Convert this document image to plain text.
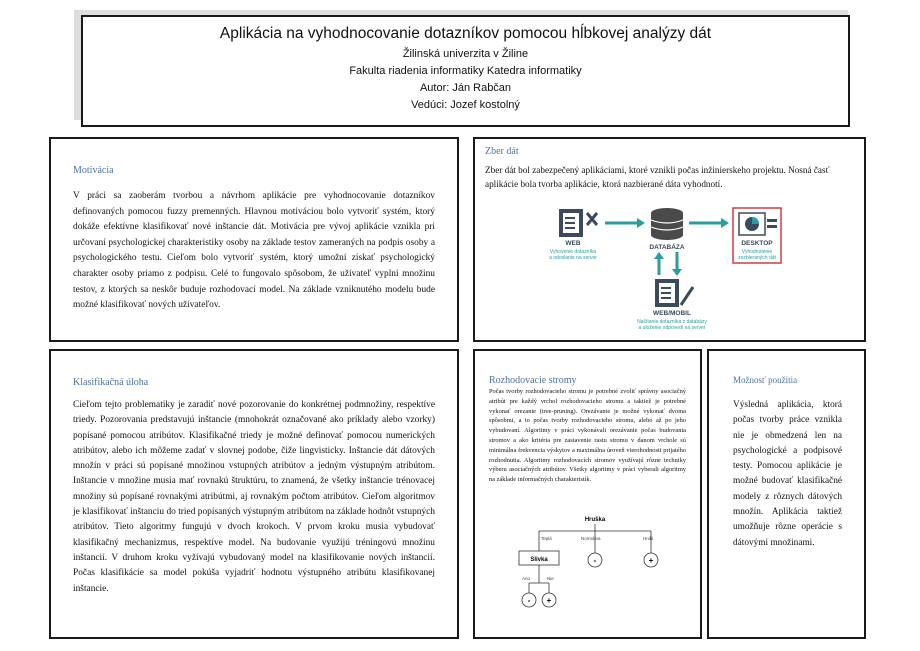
Aplikácia na vyhodnocovanie dotazníkov pomocou hĺbkovej analýzy dát
Žilinská univerzita v Žiline
Fakulta riadenia informatiky Katedra informatiky
Autor: Ján Rabčan
Vedúci: Jozef kostolný
Motivácia
V práci sa zaoberám tvorbou a návrhom aplikácie pre vyhodnocovanie dotazníkov definovaných pomocou fuzzy premenných. Hlavnou motiváciou bolo vytvoriť systém, ktorý dokáže efektívne klasifikovať nové inštancie dát. Motivácia pre vývoj aplikácie vznikla pri určovaní psychologickej charakteristiky osoby na základe testov zameraných na podpis osoby a psychologického testu. Cieľom bolo vytvoriť systém, ktorý umožní získať psychologický charakter osoby priamo z podpisu. Celé to fungovalo spôsobom, že užívateľ vyplní množinu testov, z ktorých sa neskôr buduje rozhodovací model. Na základe vzniknutého modelu bude možné klasifikovať nových užívateľov.
Zber dát
Zber dát bol zabezpečený aplikáciami, ktoré vznikli počas inžinierskeho projektu. Nosná časť aplikácie bola tvorba aplikácie, ktorá nazbierané dáta vyhodnotí.
WEB
Vyhovenie dotazníka
a odoslanie na server
DATABÁZA
DESKTOP
Vyhodnotenie
zozbieraných dát
WEB/MOBIL
Načítanie dotazníka z databázy
a uloženie odpovedí na server
Klasifikačná úloha
Cieľom tejto problematiky je zaradiť nové pozorovanie do konkrétnej podmnožiny, respektíve triedy. Pozorovania predstavujú inštancie (mnohokrát označované ako príklady alebo vzorky) popísané pomocou atribútov. Klasifikačné triedy je možné definovať pomocou numerických atribútov, alebo ich môžeme zadať v slovnej podobe, čiže lingvisticky. Inštancie dát dátových množín v práci sú popísané množinou vstupných atribútov a jedným výstupným atribútom. Inštancie v množine musia mať rovnakú štruktúru, to znamená, že všetky inštancie trénovacej množiny sú popísané rovnakými atribútmi, aj rovnakým počtom atribútov. Cieľom algoritmov je klasifikovať inštanciu do tried popísaných výstupným atribútom na základe hodnôt vstupných atribútov. Tieto algoritmy fungujú v dvoch krokoch. V prvom kroku musia vybudovať klasifikačný mechanizmus, respektíve model. Na budovanie využijú tréningovú množinu inštancií. V druhom kroku vyžívajú vybudovaný model na klasifikovanie nových inštancií. Počas klasifikácie sa model pokúša vyjadriť hodnotu výstupného atribútu klasifikovanej inštancie.
Rozhodovacie stromy
Počas tvorby rozhodovacieho stromu je potrebné zvoliť správny asociačný atribút pre každý vrchol rozhodovacieho stromu a taktiež je potrebné vykonať orezanie (tree-pruning). Orezávanie je možné vykonať dvoma spôsobmi, a to počas tvorby rozhodovacieho stromu, alebo až po jeho vybudovaní. Algoritmy v práci vykonávali orezávanie počas budovania stromov a ako kritéria pre zastavenie rastu stromu v danom vrchole sú minimálna frekvencia výskytov a maximálna úroveň vierohodnosti prijatého rozhodnutia. Algoritmy rozhodovacích stromov využívajú rôzne techniky výberu asociačných atribútov. Všetky algoritmy v práci vyberali algoritmy na základe informačných charakteristík.
Hruška
Teplá	Normálna	Hnilá
Slivka	-	+
Ano	Nie
- +
Možnosť použitia
Výsledná aplikácia, ktorá počas tvorby práce vznikla nie je obmedzená len na psychologické a podpisové testy. Pomocou aplikácie je možné budovať klasifikačné modely z rôznych dátových množín. Aplikácia taktiež umožňuje rôzne operácie s dátovými množinami.
